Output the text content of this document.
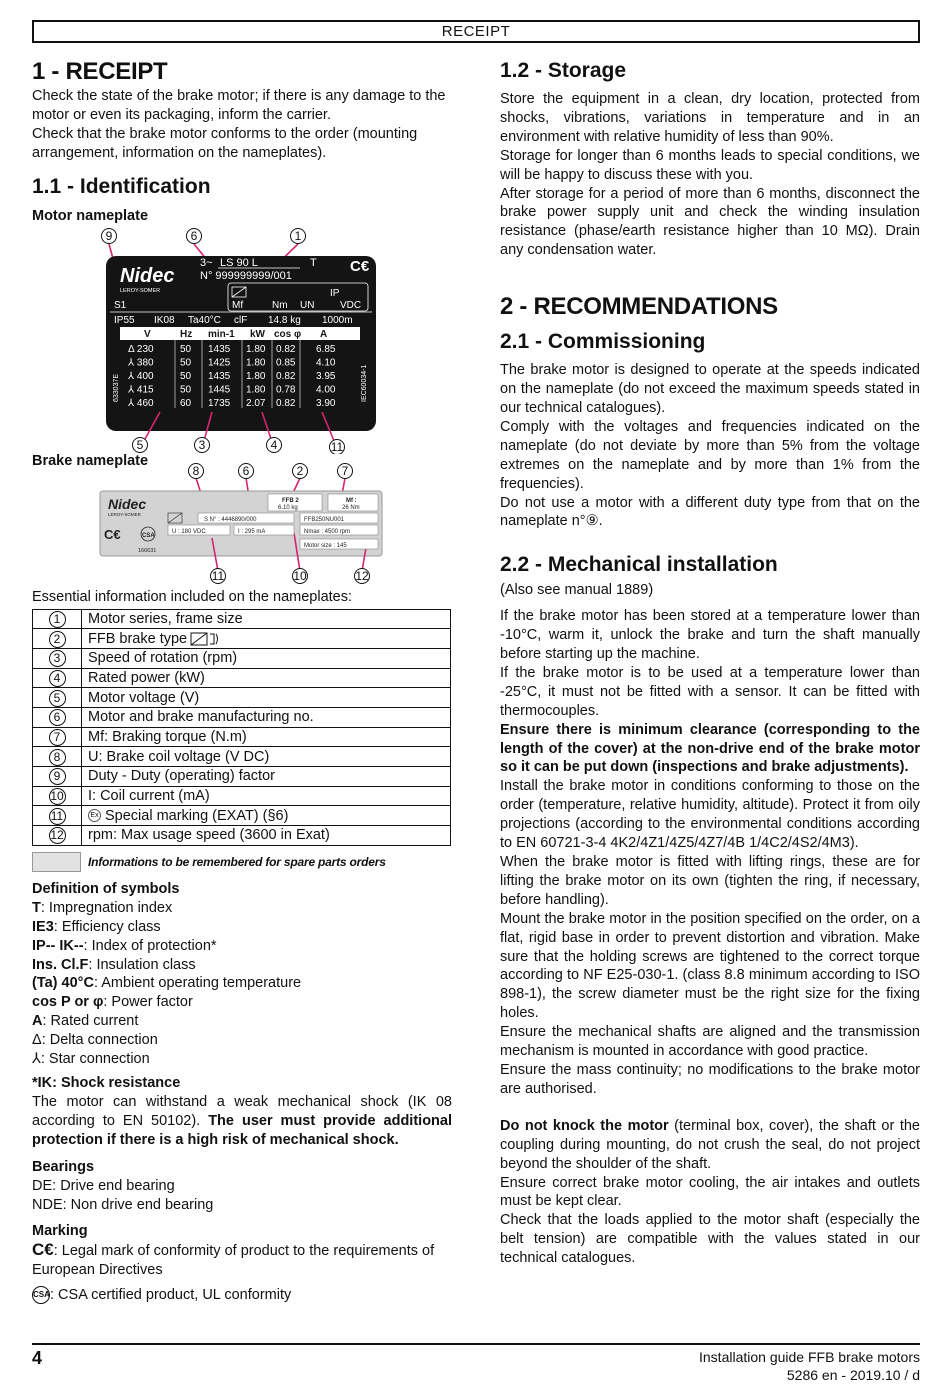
RECEIPT
1 - RECEIPT

Check the state of the brake motor; if there is any damage to the motor or even its packaging, inform the carrier.

Check that the brake motor conforms to the order (mounting arrangement, information on the nameplates).

1.1 - Identification
Motor nameplate
9	6	1
5	3	4	11
Nidec
LEROY-SOMER
3~ LS 90 L	T
N° 999999999/001
C€
IP
Mf	Nm UN	VDC
S1
IP55 IK08 Ta40°C clF 14.8 kg 1000m
V	Hz min-1 kW cos φ A
Δ 230	50 1435 1.80 0.82 6.85
⅄ 380	50 1425 1.80 0.85 4.10
⅄ 400	50 1435 1.80 0.82 3.95
⅄ 415	50 1445 1.80 0.78 4.00
⅄ 460	60 1735 2.07 0.82 3.90
633037E	IEC60034-1
Brake nameplate
8	6	2	7
11	10	12
Nidec
LEROY-SOMER
C€	CSA
166631
FFB 2
6.10 kg
Mf :
26 Nm
S N° : 4446890/000	FFB250NU001
U : 180 VDC	I : 295 mA	Nmax : 4500 rpm
Motor size : 145

Essential information included on the nameplates:

1	Motor series, frame size
2	FFB brake type
3	Speed of rotation (rpm)
4	Rated power (kW)
5	Motor voltage (V)
6	Motor and brake manufacturing no.
7	Mf: Braking torque (N.m)
8	U: Brake coil voltage (V DC)
9	Duty - Duty (operating) factor
10	I: Coil current (mA)
11	Ex Special marking (EXAT) (§6)
12	rpm: Max usage speed (3600 in Exat)
Informations to be remembered for spare parts orders
Definition of symbols

T: Impregnation index

IE3: Efficiency class

IP-- IK--: Index of protection*

Ins. Cl.F: Insulation class

(Ta) 40°C: Ambient operating temperature

cos P or φ: Power factor

A: Rated current

Δ: Delta connection

⅄: Star connection

*IK: Shock resistance

The motor can withstand a weak mechanical shock (IK 08 according to EN 50102). The user must provide additional protection if there is a high risk of mechanical shock.

Bearings

DE: Drive end bearing

NDE: Non drive end bearing

Marking

C€: Legal mark of conformity of product to the requirements of European Directives

CSA: CSA certified product, UL conformity

1.2 - Storage

Store the equipment in a clean, dry location, protected from shocks, vibrations, variations in temperature and in an environment with relative humidity of less than 90%.

Storage for longer than 6 months leads to special conditions, we will be happy to discuss these with you.

After storage for a period of more than 6 months, disconnect the brake power supply unit and check the winding insulation resistance (phase/earth resistance higher than 10 MΩ). Drain any condensation water.

2 - RECOMMENDATIONS
2.1 - Commissioning

The brake motor is designed to operate at the speeds indicated on the nameplate (do not exceed the maximum speeds stated in our technical catalogues).

Comply with the voltages and frequencies indicated on the nameplate (do not deviate by more than 5% from the voltage extremes on the nameplate and by more than 1% from the frequencies).

Do not use a motor with a different duty type from that on the nameplate n°⑨.

2.2 - Mechanical installation

(Also see manual 1889)

If the brake motor has been stored at a temperature lower than -10°C, warm it, unlock the brake and turn the shaft manually before starting up the machine.

If the brake motor is to be used at a temperature lower than -25°C, it must not be fitted with a sensor. It can be fitted with thermocouples.

Ensure there is minimum clearance (corresponding to the length of the cover) at the non-drive end of the brake motor so it can be put down (inspections and brake adjustments).

Install the brake motor in conditions conforming to those on the order (temperature, relative humidity, altitude). Protect it from oily projections (according to the environmental conditions according to EN 60721-3-4 4K2/4Z1/4Z5/4Z7/4B 1/4C2/4S2/4M3).

When the brake motor is fitted with lifting rings, these are for lifting the brake motor on its own (tighten the ring, if necessary, before handling).

Mount the brake motor in the position specified on the order, on a flat, rigid base in order to prevent distortion and vibration. Make sure that the holding screws are tightened to the correct torque according to NF E25-030-1. (class 8.8 minimum according to ISO 898-1), the screw diameter must be the right size for the fixing holes.

Ensure the mechanical shafts are aligned and the transmission mechanism is mounted in accordance with good practice.

Ensure the mass continuity; no modifications to the brake motor are authorised.

Do not knock the motor (terminal box, cover), the shaft or the coupling during mounting, do not crush the seal, do not project beyond the shoulder of the shaft.

Ensure correct brake motor cooling, the air intakes and outlets must be kept clear.

Check that the loads applied to the motor shaft (especially the belt tension) are compatible with the values stated in our technical catalogues.

4	Installation guide FFB brake motors
5286 en - 2019.10 / d
